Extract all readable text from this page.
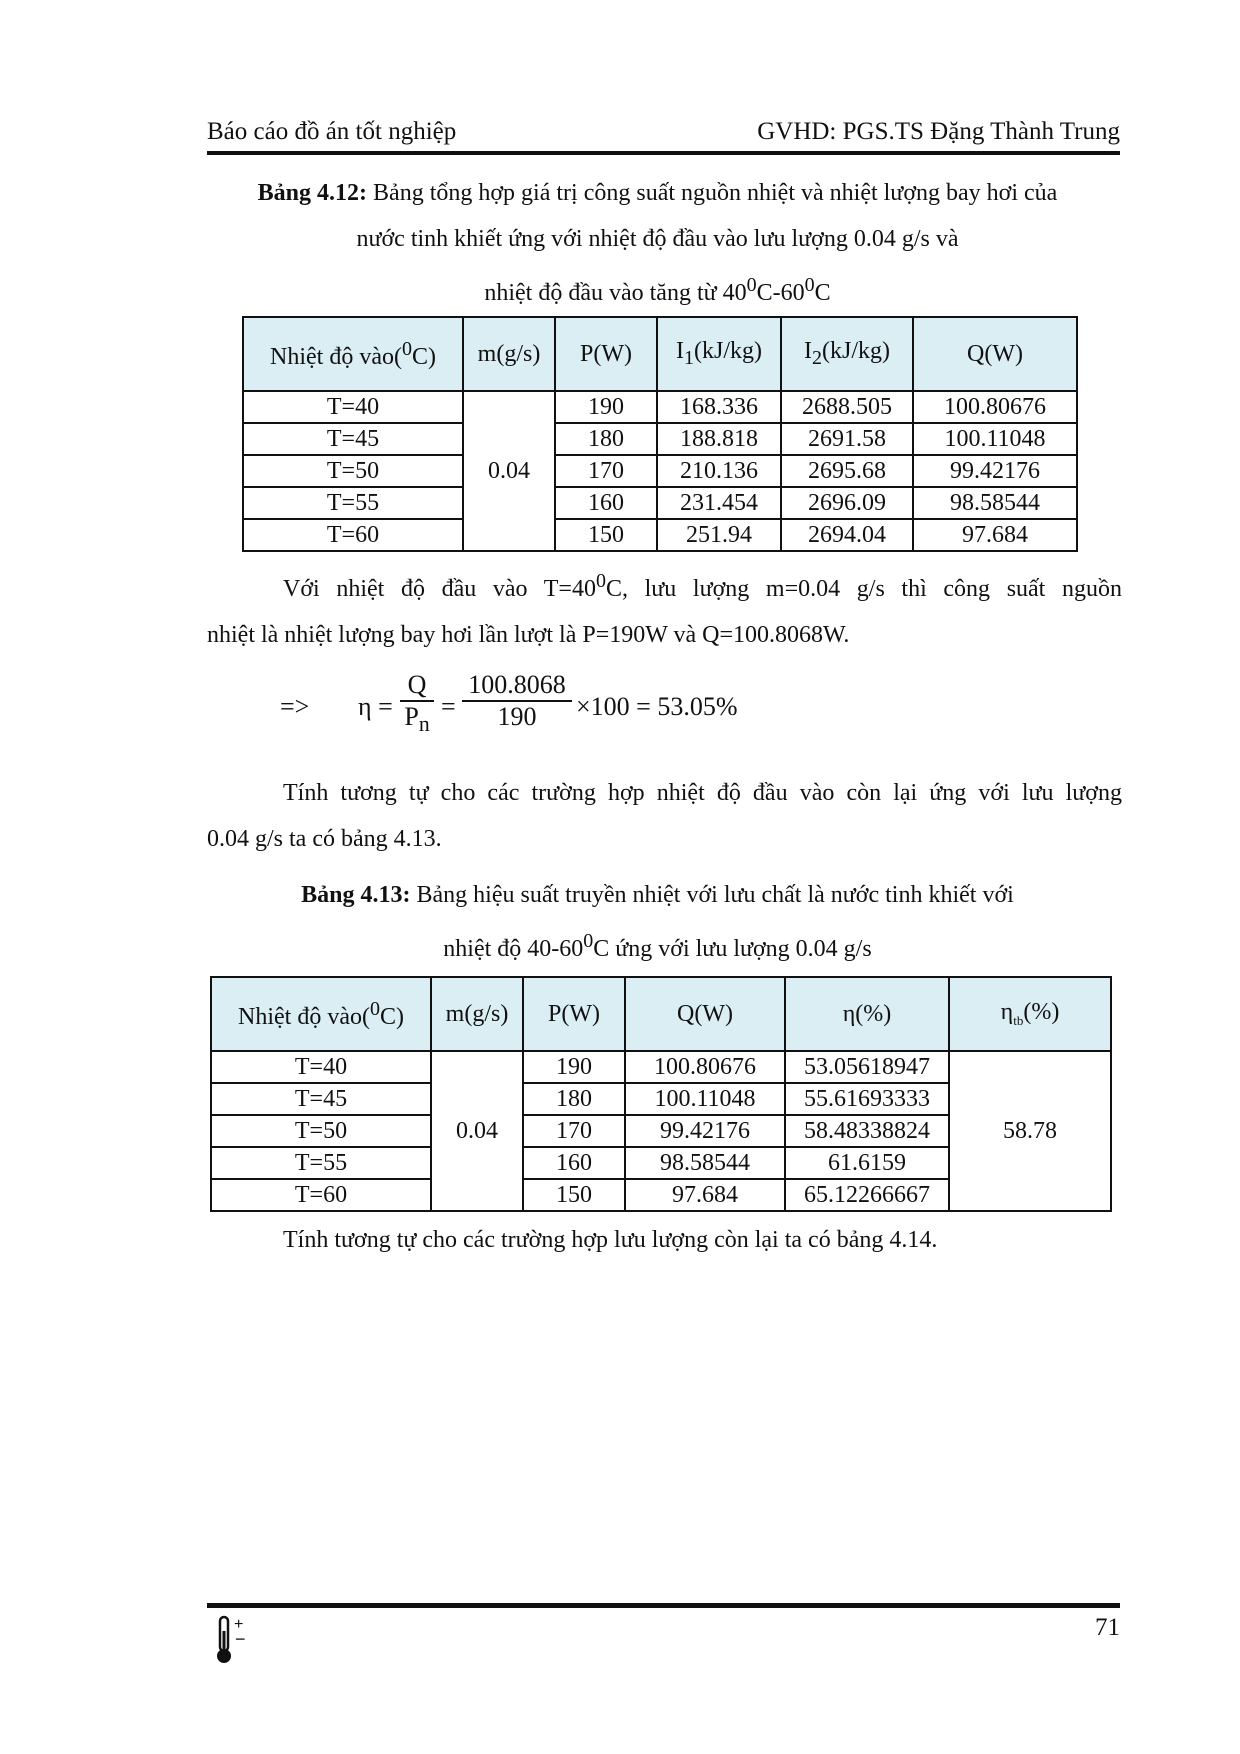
Báo cáo đồ án tốt nghiệp	GVHD: PGS.TS Đặng Thành Trung
Bảng 4.12: Bảng tổng hợp giá trị công suất nguồn nhiệt và nhiệt lượng bay hơi của
nước tinh khiết ứng với nhiệt độ đầu vào lưu lượng 0.04 g/s và
nhiệt độ đầu vào tăng từ $40^0C-60^0C$
Nhiệt độ vào($^0$C)	m(g/s)	P(W)	$I_1(kJ/kg)$	$I_2(kJ/kg)$	Q(W)
T=40	0.04	190	168.336	2688.505	100.80676
T=45		180	188.818	2691.58	100.11048
T=50		170	210.136	2695.68	99.42176
T=55		160	231.454	2696.09	98.58544
T=60		150	251.94	2694.04	97.684
Với nhiệt độ đầu vào $T=40^0C$, lưu lượng m=0.04 g/s thì công suất nguồn
nhiệt là nhiệt lượng bay hơi lần lượt là P=190W và Q=100.8068W.
=> $\eta = \frac{Q}{P_n} = \frac{100.8068}{190} \times 100 = 53.05\%$
Tính tương tự cho các trường hợp nhiệt độ đầu vào còn lại ứng với lưu lượng
0.04 g/s ta có bảng 4.13.
Bảng 4.13: Bảng hiệu suất truyền nhiệt với lưu chất là nước tinh khiết với
nhiệt độ $40-60^0C$ ứng với lưu lượng 0.04 g/s
Nhiệt độ vào($^0$C)	m(g/s)	P(W)	Q(W)	η(%)	$\eta_{tb}(\%)$
T=40	0.04	190	100.80676	53.05618947	58.78
T=45		180	100.11048	55.61693333	
T=50		170	99.42176	58.48338824	
T=55		160	98.58544	61.6159	
T=60		150	97.684	65.12266667	
Tính tương tự cho các trường hợp lưu lượng còn lại ta có bảng 4.14.
+
−	71
